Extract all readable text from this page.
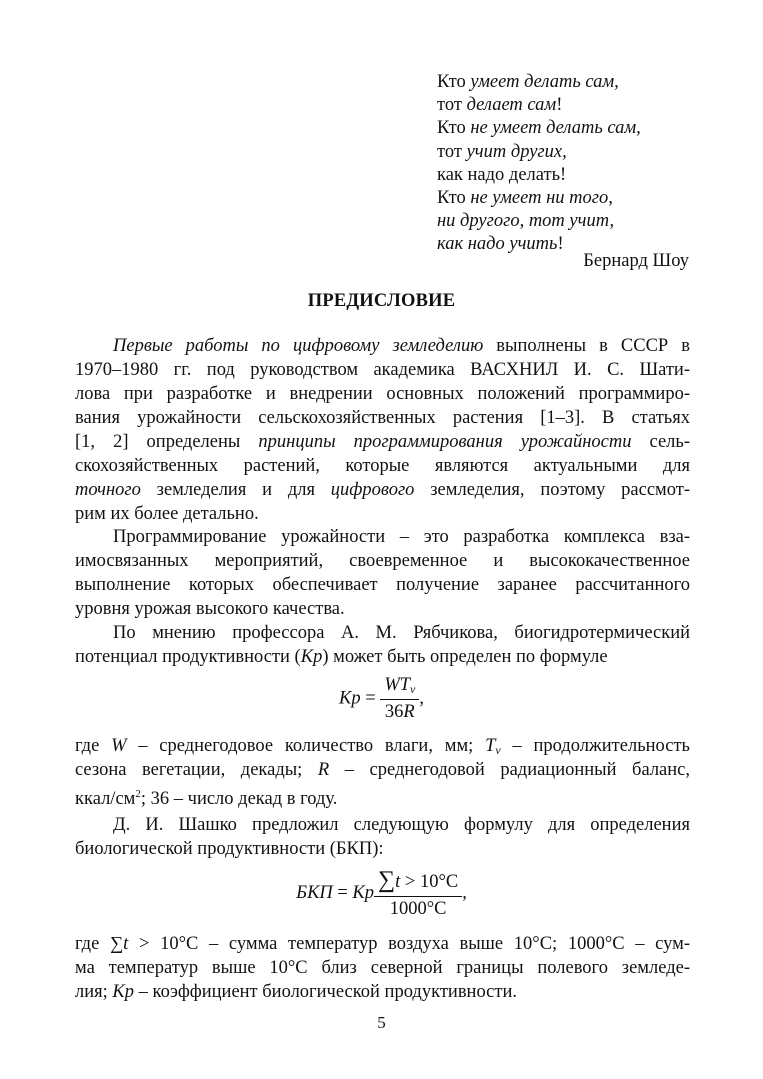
Кто умеет делать сам,
тот делает сам!
Кто не умеет делать сам,
тот учит других,
как надо делать!
Кто не умеет ни того,
ни другого, тот учит,
как надо учить!
Бернард Шоу
ПРЕДИСЛОВИЕ
Первые работы по цифровому земледелию выполнены в СССР в
1970–1980 гг. под руководством академика ВАСХНИЛ И. С. Шати-
лова при разработке и внедрении основных положений программиро-
вания урожайности сельскохозяйственных растения [1–3]. В статьях
[1, 2] определены принципы программирования урожайности сель-
скохозяйственных растений, которые являются актуальными для
точного земледелия и для цифрового земледелия, поэтому рассмот-
рим их более детально.
Программирование урожайности – это разработка комплекса вза-
имосвязанных мероприятий, своевременное и высококачественное
выполнение которых обеспечивает получение заранее рассчитанного
уровня урожая высокого качества.
По мнению профессора А. М. Рябчикова, биогидротермический
потенциал продуктивности (Kp) может быть определен по формуле
$Kp = \frac{WT_v}{36R}$ ,
где W – среднегодовое количество влаги, мм; $T_v$ – продолжительность
сезона вегетации, декады; R – среднегодовой радиационный баланс,
ккал/$см^2$; 36 – число декад в году.
Д. И. Шашко предложил следующую формулу для определения
биологической продуктивности (БКП):
БКП = Kp $\frac{\sum t > 10^\circ C}{1000^\circ C}$ ,
где ∑t > 10°C – сумма температур воздуха выше 10°C; 1000°C – сум-
ма температур выше 10°С близ северной границы полевого земледе-
лия; Kp – коэффициент биологической продуктивности.
5
